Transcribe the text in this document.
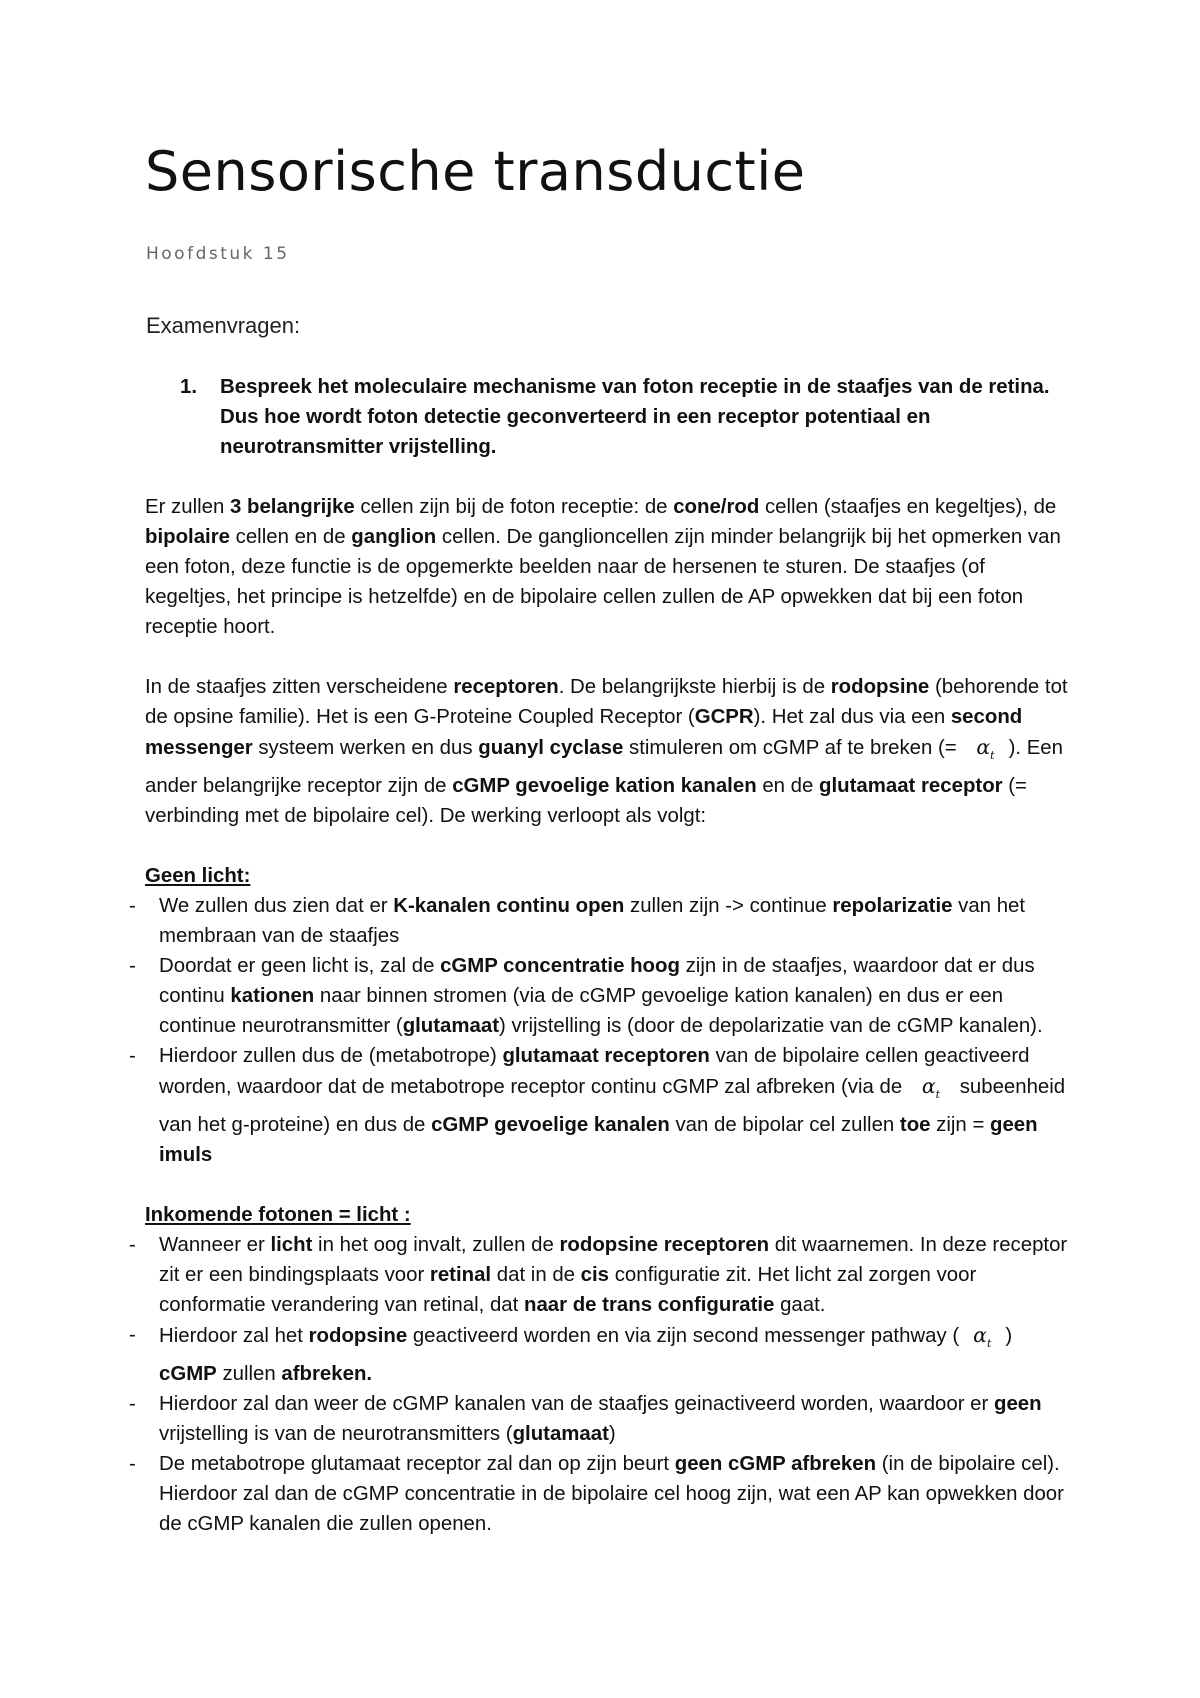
Sensorische transductie
Hoofdstuk 15
Examenvragen:
1. Bespreek het moleculaire mechanisme van foton receptie in de staafjes van de retina. Dus hoe wordt foton detectie geconverteerd in een receptor potentiaal en neurotransmitter vrijstelling.

Er zullen 3 belangrijke cellen zijn bij de foton receptie: de cone/rod cellen (staafjes en kegeltjes), de bipolaire cellen en de ganglion cellen. De ganglioncellen zijn minder belangrijk bij het opmerken van een foton, deze functie is de opgemerkte beelden naar de hersenen te sturen. De staafjes (of kegeltjes, het principe is hetzelfde) en de bipolaire cellen zullen de AP opwekken dat bij een foton receptie hoort.

In de staafjes zitten verscheidene receptoren. De belangrijkste hierbij is de rodopsine (behorende tot de opsine familie). Het is een G-Proteine Coupled Receptor (GCPR). Het zal dus via een second messenger systeem werken en dus guanyl cyclase stimuleren om cGMP af te breken (= $\alpha_t$ ). Een ander belangrijke receptor zijn de cGMP gevoelige kation kanalen en de glutamaat receptor (= verbinding met de bipolaire cel). De werking verloopt als volgt:

Geen licht:

- We zullen dus zien dat er K-kanalen continu open zullen zijn -> continue repolarizatie van het membraan van de staafjes
- Doordat er geen licht is, zal de cGMP concentratie hoog zijn in de staafjes, waardoor dat er dus continu kationen naar binnen stromen (via de cGMP gevoelige kation kanalen) en dus er een continue neurotransmitter (glutamaat) vrijstelling is (door de depolarizatie van de cGMP kanalen).
- Hierdoor zullen dus de (metabotrope) glutamaat receptoren van de bipolaire cellen geactiveerd worden, waardoor dat de metabotrope receptor continu cGMP zal afbreken (via de $\alpha_t$ subeenheid van het g-proteine) en dus de cGMP gevoelige kanalen van de bipolar cel zullen toe zijn = geen imuls

Inkomende fotonen = licht :

- Wanneer er licht in het oog invalt, zullen de rodopsine receptoren dit waarnemen. In deze receptor zit er een bindingsplaats voor retinal dat in de cis configuratie zit. Het licht zal zorgen voor conformatie verandering van retinal, dat naar de trans configuratie gaat.
- Hierdoor zal het rodopsine geactiveerd worden en via zijn second messenger pathway ( $\alpha_t$ ) cGMP zullen afbreken.
- Hierdoor zal dan weer de cGMP kanalen van de staafjes geinactiveerd worden, waardoor er geen vrijstelling is van de neurotransmitters (glutamaat)
- De metabotrope glutamaat receptor zal dan op zijn beurt geen cGMP afbreken (in de bipolaire cel). Hierdoor zal dan de cGMP concentratie in de bipolaire cel hoog zijn, wat een AP kan opwekken door de cGMP kanalen die zullen openen.
